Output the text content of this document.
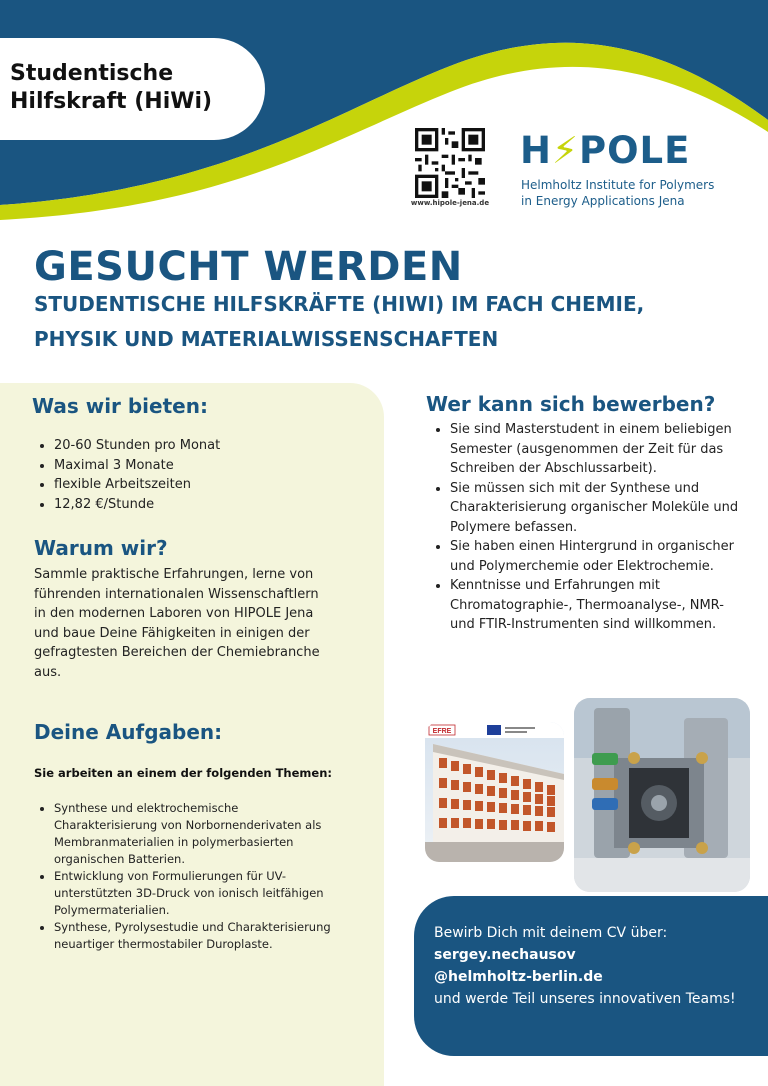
Studentische
Hilfskraft (HiWi)
www.hipole-jena.de
H⚡POLE
Helmholtz Institute for Polymers
in Energy Applications Jena
GESUCHT WERDEN
STUDENTISCHE HILFSKRÄFTE (HIWI) IM FACH CHEMIE,
PHYSIK UND MATERIALWISSENSCHAFTEN
Was wir bieten:
• 20-60 Stunden pro Monat
• Maximal 3 Monate
• flexible Arbeitszeiten
• 12,82 €/Stunde
Warum wir?
Sammle praktische Erfahrungen, lerne von führenden internationalen Wissenschaftlern in den modernen Laboren von HIPOLE Jena und baue Deine Fähigkeiten in einigen der gefragtesten Bereichen der Chemiebranche aus.
Deine Aufgaben:
Sie arbeiten an einem der folgenden Themen:
• Synthese und elektrochemische Charakterisierung von Norbornenderivaten als Membranmaterialien in polymerbasierten organischen Batterien.
• Entwicklung von Formulierungen für UV-unterstützten 3D-Druck von ionisch leitfähigen Polymermaterialien.
• Synthese, Pyrolysestudie und Charakterisierung neuartiger thermostabiler Duroplaste.
Wer kann sich bewerben?
• Sie sind Masterstudent in einem beliebigen Semester (ausgenommen der Zeit für das Schreiben der Abschlussarbeit).
• Sie müssen sich mit der Synthese und Charakterisierung organischer Moleküle und Polymere befassen.
• Sie haben einen Hintergrund in organischer und Polymerchemie oder Elektrochemie.
• Kenntnisse und Erfahrungen mit Chromatographie-, Thermoanalyse-, NMR- und FTIR-Instrumenten sind willkommen.
EFRE
Bewirb Dich mit deinem CV über:
sergey.nechausov
@helmholtz-berlin.de
und werde Teil unseres innovativen Teams!
